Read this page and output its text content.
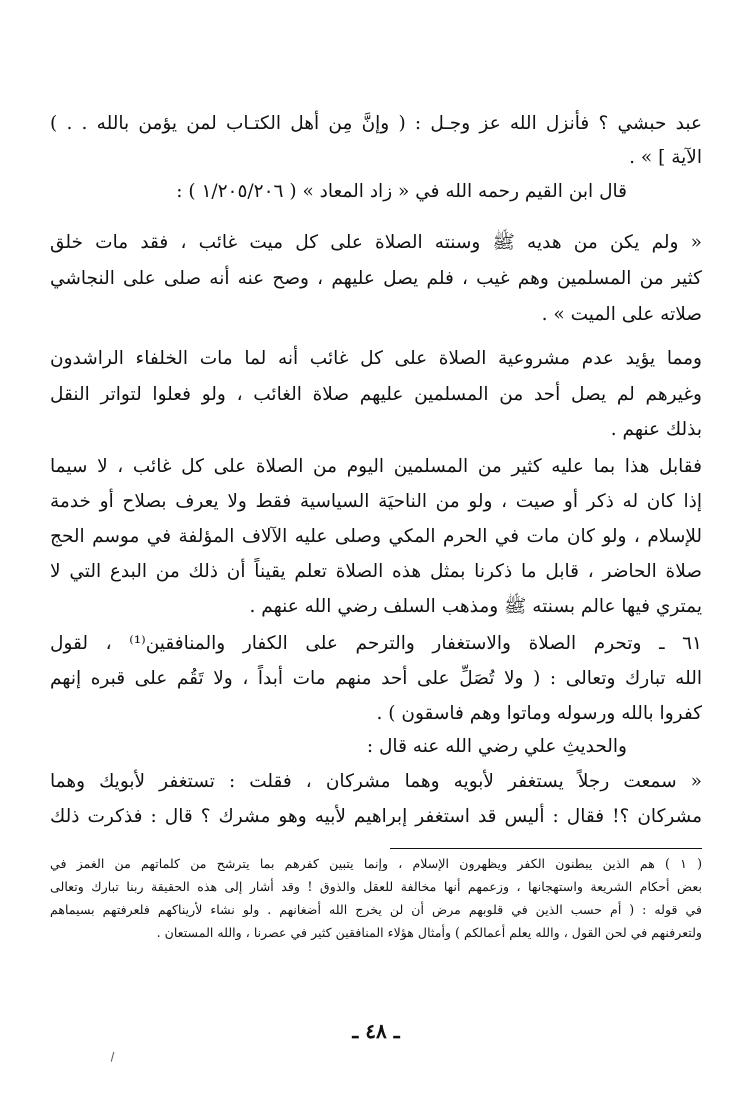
عبد حبشي ؟ فأنزل الله عز وجـل : ( وإنَّ مِن أهل الكتـاب لمن يؤمن بالله . . )
الآية ] » .
قال ابن القيم رحمه الله في « زاد المعاد » ( ١/٢٠٥/٢٠٦ ) :
« ولم يكن من هديه ﷺ وسنته الصلاة على كل ميت غائب ، فقد مات خلق
كثير من المسلمين وهم غيب ، فلم يصل عليهم ، وصح عنه أنه صلى على النجاشي
صلاته على الميت » .
ومما يؤيد عدم مشروعية الصلاة على كل غائب أنه لما مات الخلفاء الراشدون
وغيرهم لم يصل أحد من المسلمين عليهم صلاة الغائب ، ولو فعلوا لتواتر النقل
بذلك عنهم .
فقابل هذا بما عليه كثير من المسلمين اليوم من الصلاة على كل غائب ، لا سيما
إذا كان له ذكر أو صيت ، ولو من الناحيَة السياسية فقط ولا يعرف بصلاح أو خدمة
للإسلام ، ولو كان مات في الحرم المكي وصلى عليه الآلاف المؤلفة في موسم الحج
صلاة الحاضر ، قابل ما ذكرنا بمثل هذه الصلاة تعلم يقيناً أن ذلك من البدع التي لا
يمتري فيها عالم بسنته ﷺ ومذهب السلف رضي الله عنهم .
٦١ ـ وتحرم الصلاة والاستغفار والترحم على الكفار والمنافقين⁽¹⁾ ، لقول
الله تبارك وتعالى : ( ولا تُصَلِّ على أحد منهم مات أبداً ، ولا تَقُم على قبره إنهم
كفروا بالله ورسوله وماتوا وهم فاسقون ) .
والحديثِ علي رضي الله عنه قال :
« سمعت رجلاً يستغفر لأبويه وهما مشركان ، فقلت : تستغفر لأبويك وهما
مشركان ؟! فقال : أليس قد استغفر إبراهيم لأبيه وهو مشرك ؟ قال : فذكرت ذلك
( ١ ) هم الذين يبطنون الكفر ويظهرون الإسلام ، وإنما يتبين كفرهم بما يترشح من كلماتهم من الغمز في
بعض أحكام الشريعة واستهجانها ، وزعمهم أنها مخالفة للعقل والذوق ! وقد أشار إلى هذه الحقيقة ربنا تبارك وتعالى
في قوله : ( أم حسب الذين في قلوبهم مرض أن لن يخرج الله أضغانهم . ولو نشاء لأريناكهم فلعرفتهم بسيماهم
ولتعرفنهم في لحن القول ، والله يعلم أعمالكم ) وأمثال هؤلاء المنافقين كثير في عصرنا ، والله المستعان .
ـ ٤٨ ـ
